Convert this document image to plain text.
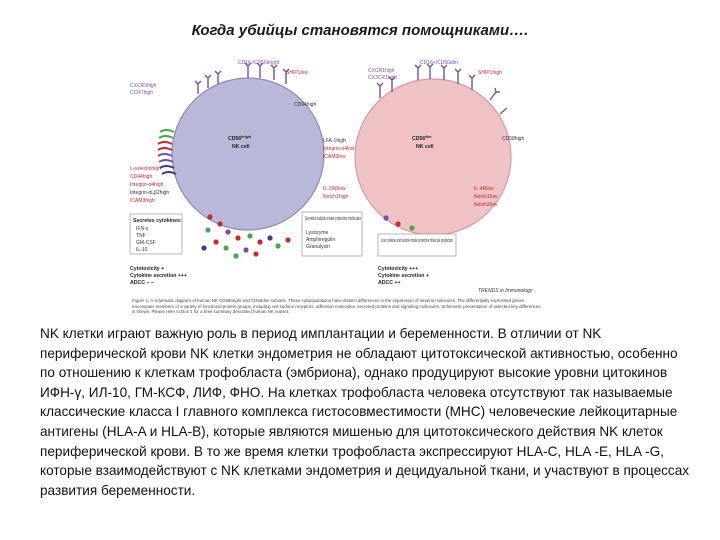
Когда убийцы становятся помощниками….
CD16-/CD56bright
CXCR3high
CCR7high
L-selectinhigh
CD44high
Integrin-α4high
Integrin-αLβ2high
ICAM3high
SHIP1low
CD94high
$CD56^{bright}$
NK cell
Secretes cytokines:
IFN-γ
TNF
GM-CSF
IL-10
Secreted soluble innate protective molecules
Lysozyme
Amphiregulin
Granulysin
Cytotoxicity +
Cytokine secretion +++
ADCC − −
CD16+/CD56dim
CXCR1high
CX3CR1high
SHIP1high
CD58high
LFA-1high
Integrin-α4low
ICAM3low
IL-2Rβlow
Notch1high
IL-4Rlow
Notch1low
Notch2low
$CD56^{dim}$
NK cell
Low cytokine and soluble innate protective molecule production
Cytotoxicity +++
Cytokine secretion +
ADCC ++
TRENDS in Immunology
Figure 1. A schematic diagram of human NK CD56bright and CD56dim subsets. These subpopulations have distinct differences in the expression of several molecules. The differentially expressed genes encompass members of a variety of functional protein groups, including cell surface receptors, adhesion molecules, secreted proteins and signaling molecules. Schematic presentation of selected key differences is shown. Please refer to Box 1 for a brief summary described human NK subset.
NK клетки играют важную роль в период имплантации и беременности. В отличии от NK периферической крови NK клетки эндометрия не обладают цитотоксической активностью, особенно по отношению к клеткам трофобласта (эмбриона), однако продуцируют высокие уровни цитокинов ИФН-γ, ИЛ-10, ГМ-КСФ, ЛИФ, ФНО. На клетках трофобласта человека отсутствуют так называемые классические класса I главного комплекса гистосовместимости (МНС) человеческие лейкоцитарные антигены (HLA-A и HLA-B), которые являются мишенью для цитотоксического действия NK клеток периферической крови. В то же время клетки трофобласта экспрессируют HLA-C, HLA -E, HLA -G, которые взаимодействуют с NK клетками эндометрия и децидуальной ткани, и участвуют в процессах развития беременности.
